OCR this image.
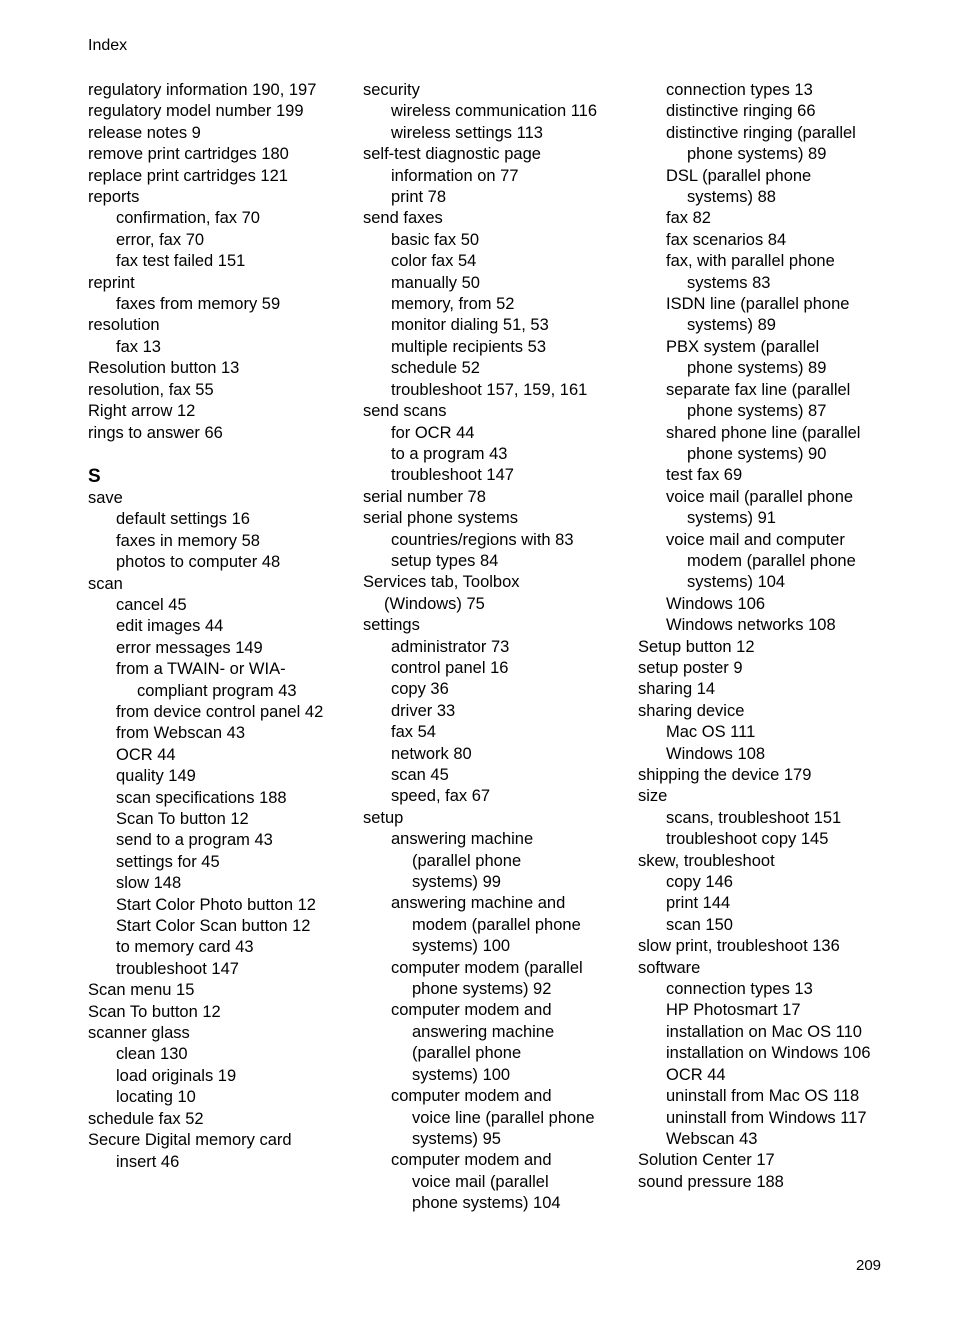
Index
regulatory information 190, 197
regulatory model number 199
release notes 9
remove print cartridges 180
replace print cartridges 121
reports
confirmation, fax 70
error, fax 70
fax test failed 151
reprint
faxes from memory 59
resolution
fax 13
Resolution button 13
resolution, fax 55
Right arrow 12
rings to answer 66
S
save
default settings 16
faxes in memory 58
photos to computer 48
scan
cancel 45
edit images 44
error messages 149
from a TWAIN- or WIA-
compliant program 43
from device control panel 42
from Webscan 43
OCR 44
quality 149
scan specifications 188
Scan To button 12
send to a program 43
settings for 45
slow 148
Start Color Photo button 12
Start Color Scan button 12
to memory card 43
troubleshoot 147
Scan menu 15
Scan To button 12
scanner glass
clean 130
load originals 19
locating 10
schedule fax 52
Secure Digital memory card
insert 46
security
wireless communication 116
wireless settings 113
self-test diagnostic page
information on 77
print 78
send faxes
basic fax 50
color fax 54
manually 50
memory, from 52
monitor dialing 51, 53
multiple recipients 53
schedule 52
troubleshoot 157, 159, 161
send scans
for OCR 44
to a program 43
troubleshoot 147
serial number 78
serial phone systems
countries/regions with 83
setup types 84
Services tab, Toolbox
(Windows) 75
settings
administrator 73
control panel 16
copy 36
driver 33
fax 54
network 80
scan 45
speed, fax 67
setup
answering machine
(parallel phone
systems) 99
answering machine and
modem (parallel phone
systems) 100
computer modem (parallel
phone systems) 92
computer modem and
answering machine
(parallel phone
systems) 100
computer modem and
voice line (parallel phone
systems) 95
computer modem and
voice mail (parallel
phone systems) 104
connection types 13
distinctive ringing 66
distinctive ringing (parallel
phone systems) 89
DSL (parallel phone
systems) 88
fax 82
fax scenarios 84
fax, with parallel phone
systems 83
ISDN line (parallel phone
systems) 89
PBX system (parallel
phone systems) 89
separate fax line (parallel
phone systems) 87
shared phone line (parallel
phone systems) 90
test fax 69
voice mail (parallel phone
systems) 91
voice mail and computer
modem (parallel phone
systems) 104
Windows 106
Windows networks 108
Setup button 12
setup poster 9
sharing 14
sharing device
Mac OS 111
Windows 108
shipping the device 179
size
scans, troubleshoot 151
troubleshoot copy 145
skew, troubleshoot
copy 146
print 144
scan 150
slow print, troubleshoot 136
software
connection types 13
HP Photosmart 17
installation on Mac OS 110
installation on Windows 106
OCR 44
uninstall from Mac OS 118
uninstall from Windows 117
Webscan 43
Solution Center 17
sound pressure 188
209
